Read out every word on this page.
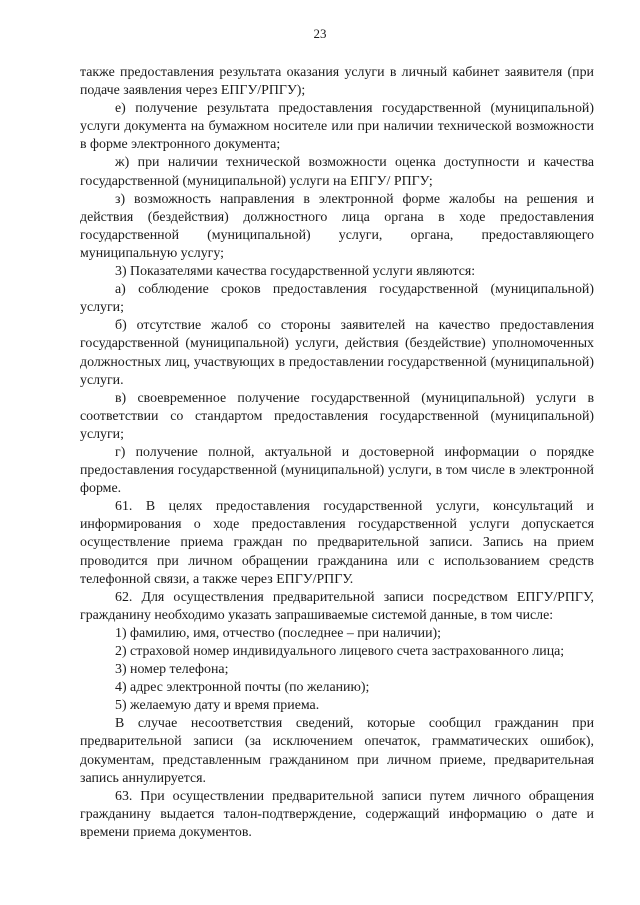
23

также предоставления результата оказания услуги в личный кабинет заявителя (при подаче заявления через ЕПГУ/РПГУ);

е) получение результата предоставления государственной (муниципальной) услуги документа на бумажном носителе или при наличии технической возможности в форме электронного документа;

ж) при наличии технической возможности оценка доступности и качества государственной (муниципальной) услуги на ЕПГУ/ РПГУ;

з) возможность направления в электронной форме жалобы на решения и действия (бездействия) должностного лица органа в ходе предоставления государственной (муниципальной) услуги, органа, предоставляющего муниципальную услугу;

3) Показателями качества государственной услуги являются:

а) соблюдение сроков предоставления государственной (муниципальной) услуги;

б) отсутствие жалоб со стороны заявителей на качество предоставления государственной (муниципальной) услуги, действия (бездействие) уполномоченных должностных лиц, участвующих в предоставлении государственной (муниципальной) услуги.

в) своевременное получение государственной (муниципальной) услуги в соответствии со стандартом предоставления государственной (муниципальной) услуги;

г) получение полной, актуальной и достоверной информации о порядке предоставления государственной (муниципальной) услуги, в том числе в электронной форме.

61. В целях предоставления государственной услуги, консультаций и информирования о ходе предоставления государственной услуги допускается осуществление приема граждан по предварительной записи. Запись на прием проводится при личном обращении гражданина или с использованием средств телефонной связи, а также через ЕПГУ/РПГУ.

62. Для осуществления предварительной записи посредством ЕПГУ/РПГУ, гражданину необходимо указать запрашиваемые системой данные, в том числе:

1) фамилию, имя, отчество (последнее – при наличии);

2) страховой номер индивидуального лицевого счета застрахованного лица;

3) номер телефона;

4) адрес электронной почты (по желанию);

5) желаемую дату и время приема.

В случае несоответствия сведений, которые сообщил гражданин при предварительной записи (за исключением опечаток, грамматических ошибок), документам, представленным гражданином при личном приеме, предварительная запись аннулируется.

63. При осуществлении предварительной записи путем личного обращения гражданину выдается талон-подтверждение, содержащий информацию о дате и времени приема документов.
